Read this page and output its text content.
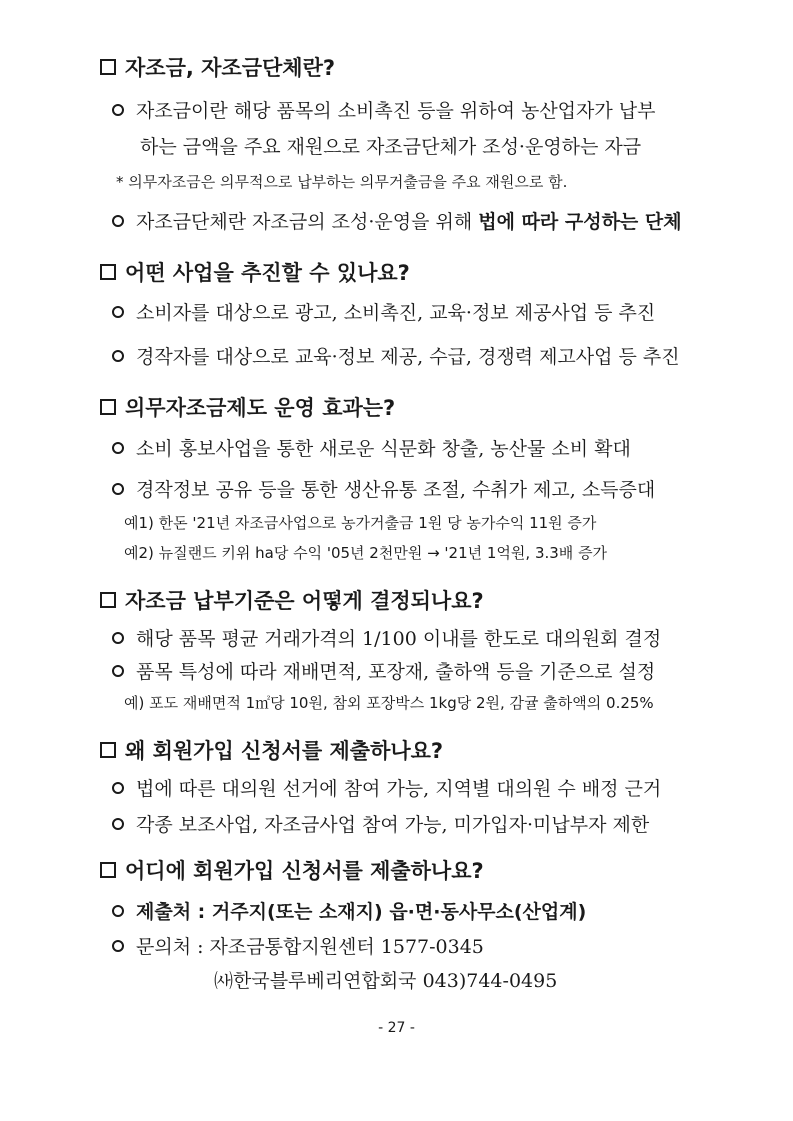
자조금, 자조금단체란?
자조금이란 해당 품목의 소비촉진 등을 위하여 농산업자가 납부
하는 금액을 주요 재원으로 자조금단체가 조성·운영하는 자금
* 의무자조금은 의무적으로 납부하는 의무거출금을 주요 재원으로 함.
자조금단체란 자조금의 조성·운영을 위해 법에 따라 구성하는 단체
어떤 사업을 추진할 수 있나요?
소비자를 대상으로 광고, 소비촉진, 교육·정보 제공사업 등 추진
경작자를 대상으로 교육·정보 제공, 수급, 경쟁력 제고사업 등 추진
의무자조금제도 운영 효과는?
소비 홍보사업을 통한 새로운 식문화 창출, 농산물 소비 확대
경작정보 공유 등을 통한 생산유통 조절, 수취가 제고, 소득증대
예1) 한돈 '21년 자조금사업으로 농가거출금 1원 당 농가수익 11원 증가
예2) 뉴질랜드 키위 ha당 수익 '05년 2천만원 → '21년 1억원, 3.3배 증가
자조금 납부기준은 어떻게 결정되나요?
해당 품목 평균 거래가격의 1/100 이내를 한도로 대의원회 결정
품목 특성에 따라 재배면적, 포장재, 출하액 등을 기준으로 설정
예) 포도 재배면적 1㎡당 10원, 참외 포장박스 1kg당 2원, 감귤 출하액의 0.25%
왜 회원가입 신청서를 제출하나요?
법에 따른 대의원 선거에 참여 가능, 지역별 대의원 수 배정 근거
각종 보조사업, 자조금사업 참여 가능, 미가입자·미납부자 제한
어디에 회원가입 신청서를 제출하나요?
제출처 : 거주지(또는 소재지) 읍·면·동사무소(산업계)
문의처 : 자조금통합지원센터 1577-0345
㈔한국블루베리연합회국 043)744-0495
- 27 -
